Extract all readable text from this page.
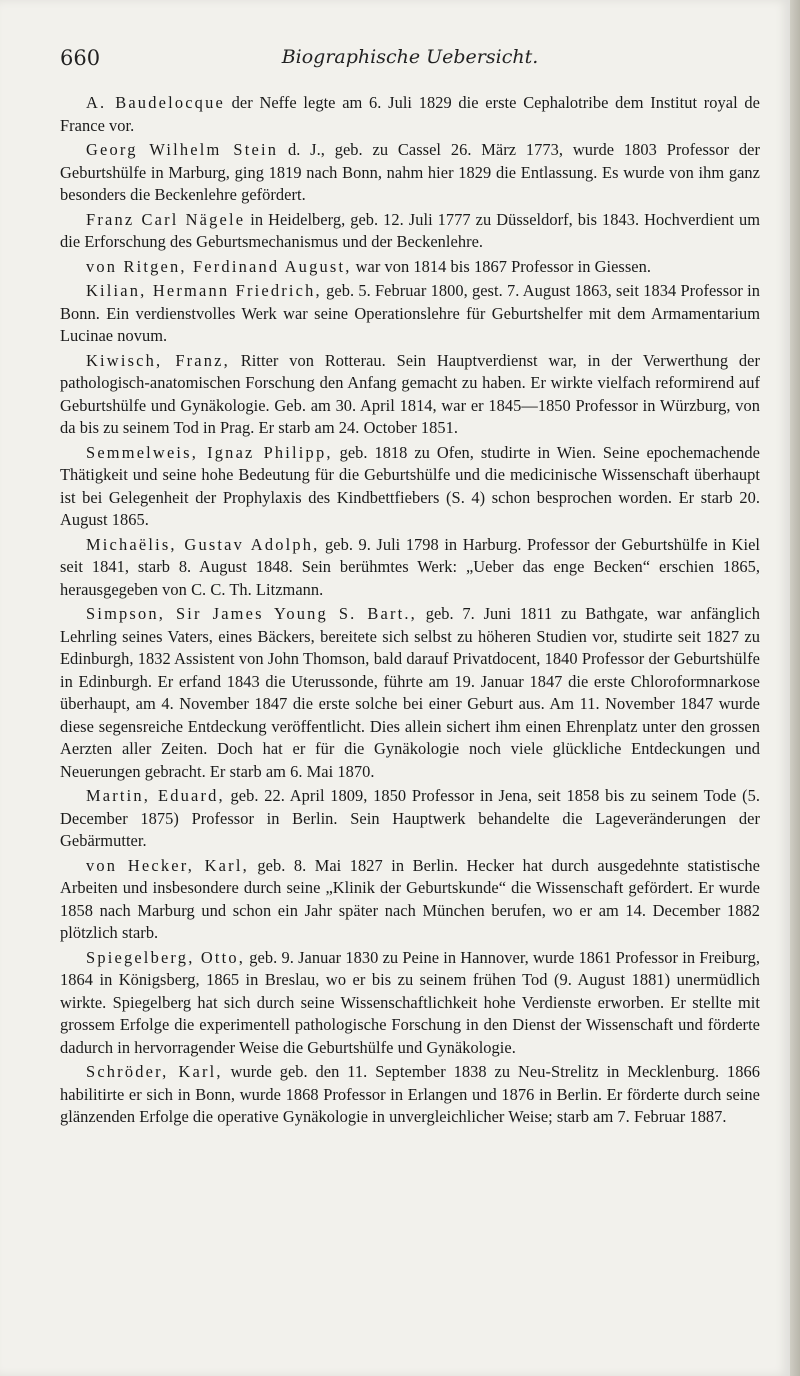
660	Biographische Uebersicht.

A. Baudelocque der Neffe legte am 6. Juli 1829 die erste Cephalotribe dem Institut royal de France vor.

Georg Wilhelm Stein d. J., geb. zu Cassel 26. März 1773, wurde 1803 Professor der Geburtshülfe in Marburg, ging 1819 nach Bonn, nahm hier 1829 die Entlassung. Es wurde von ihm ganz besonders die Beckenlehre gefördert.

Franz Carl Nägele in Heidelberg, geb. 12. Juli 1777 zu Düsseldorf, bis 1843. Hochverdient um die Erforschung des Geburtsmechanismus und der Beckenlehre.

von Ritgen, Ferdinand August, war von 1814 bis 1867 Professor in Giessen.

Kilian, Hermann Friedrich, geb. 5. Februar 1800, gest. 7. August 1863, seit 1834 Professor in Bonn. Ein verdienstvolles Werk war seine Operationslehre für Geburtshelfer mit dem Armamentarium Lucinae novum.

Kiwisch, Franz, Ritter von Rotterau. Sein Hauptverdienst war, in der Verwerthung der pathologisch-anatomischen Forschung den Anfang gemacht zu haben. Er wirkte vielfach reformirend auf Geburtshülfe und Gynäkologie. Geb. am 30. April 1814, war er 1845—1850 Professor in Würzburg, von da bis zu seinem Tod in Prag. Er starb am 24. October 1851.

Semmelweis, Ignaz Philipp, geb. 1818 zu Ofen, studirte in Wien. Seine epochemachende Thätigkeit und seine hohe Bedeutung für die Geburtshülfe und die medicinische Wissenschaft überhaupt ist bei Gelegenheit der Prophylaxis des Kindbettfiebers (S. 4) schon besprochen worden. Er starb 20. August 1865.

Michaëlis, Gustav Adolph, geb. 9. Juli 1798 in Harburg. Professor der Geburtshülfe in Kiel seit 1841, starb 8. August 1848. Sein berühmtes Werk: „Ueber das enge Becken“ erschien 1865, herausgegeben von C. C. Th. Litzmann.

Simpson, Sir James Young S. Bart., geb. 7. Juni 1811 zu Bathgate, war anfänglich Lehrling seines Vaters, eines Bäckers, bereitete sich selbst zu höheren Studien vor, studirte seit 1827 zu Edinburgh, 1832 Assistent von John Thomson, bald darauf Privatdocent, 1840 Professor der Geburtshülfe in Edinburgh. Er erfand 1843 die Uterussonde, führte am 19. Januar 1847 die erste Chloroformnarkose überhaupt, am 4. November 1847 die erste solche bei einer Geburt aus. Am 11. November 1847 wurde diese segensreiche Entdeckung veröffentlicht. Dies allein sichert ihm einen Ehrenplatz unter den grossen Aerzten aller Zeiten. Doch hat er für die Gynäkologie noch viele glückliche Entdeckungen und Neuerungen gebracht. Er starb am 6. Mai 1870.

Martin, Eduard, geb. 22. April 1809, 1850 Professor in Jena, seit 1858 bis zu seinem Tode (5. December 1875) Professor in Berlin. Sein Hauptwerk behandelte die Lageveränderungen der Gebärmutter.

von Hecker, Karl, geb. 8. Mai 1827 in Berlin. Hecker hat durch ausgedehnte statistische Arbeiten und insbesondere durch seine „Klinik der Geburtskunde“ die Wissenschaft gefördert. Er wurde 1858 nach Marburg und schon ein Jahr später nach München berufen, wo er am 14. December 1882 plötzlich starb.

Spiegelberg, Otto, geb. 9. Januar 1830 zu Peine in Hannover, wurde 1861 Professor in Freiburg, 1864 in Königsberg, 1865 in Breslau, wo er bis zu seinem frühen Tod (9. August 1881) unermüdlich wirkte. Spiegelberg hat sich durch seine Wissenschaftlichkeit hohe Verdienste erworben. Er stellte mit grossem Erfolge die experimentell pathologische Forschung in den Dienst der Wissenschaft und förderte dadurch in hervorragender Weise die Geburtshülfe und Gynäkologie.

Schröder, Karl, wurde geb. den 11. September 1838 zu Neu-Strelitz in Mecklenburg. 1866 habilitirte er sich in Bonn, wurde 1868 Professor in Erlangen und 1876 in Berlin. Er förderte durch seine glänzenden Erfolge die operative Gynäkologie in unvergleichlicher Weise; starb am 7. Februar 1887.
